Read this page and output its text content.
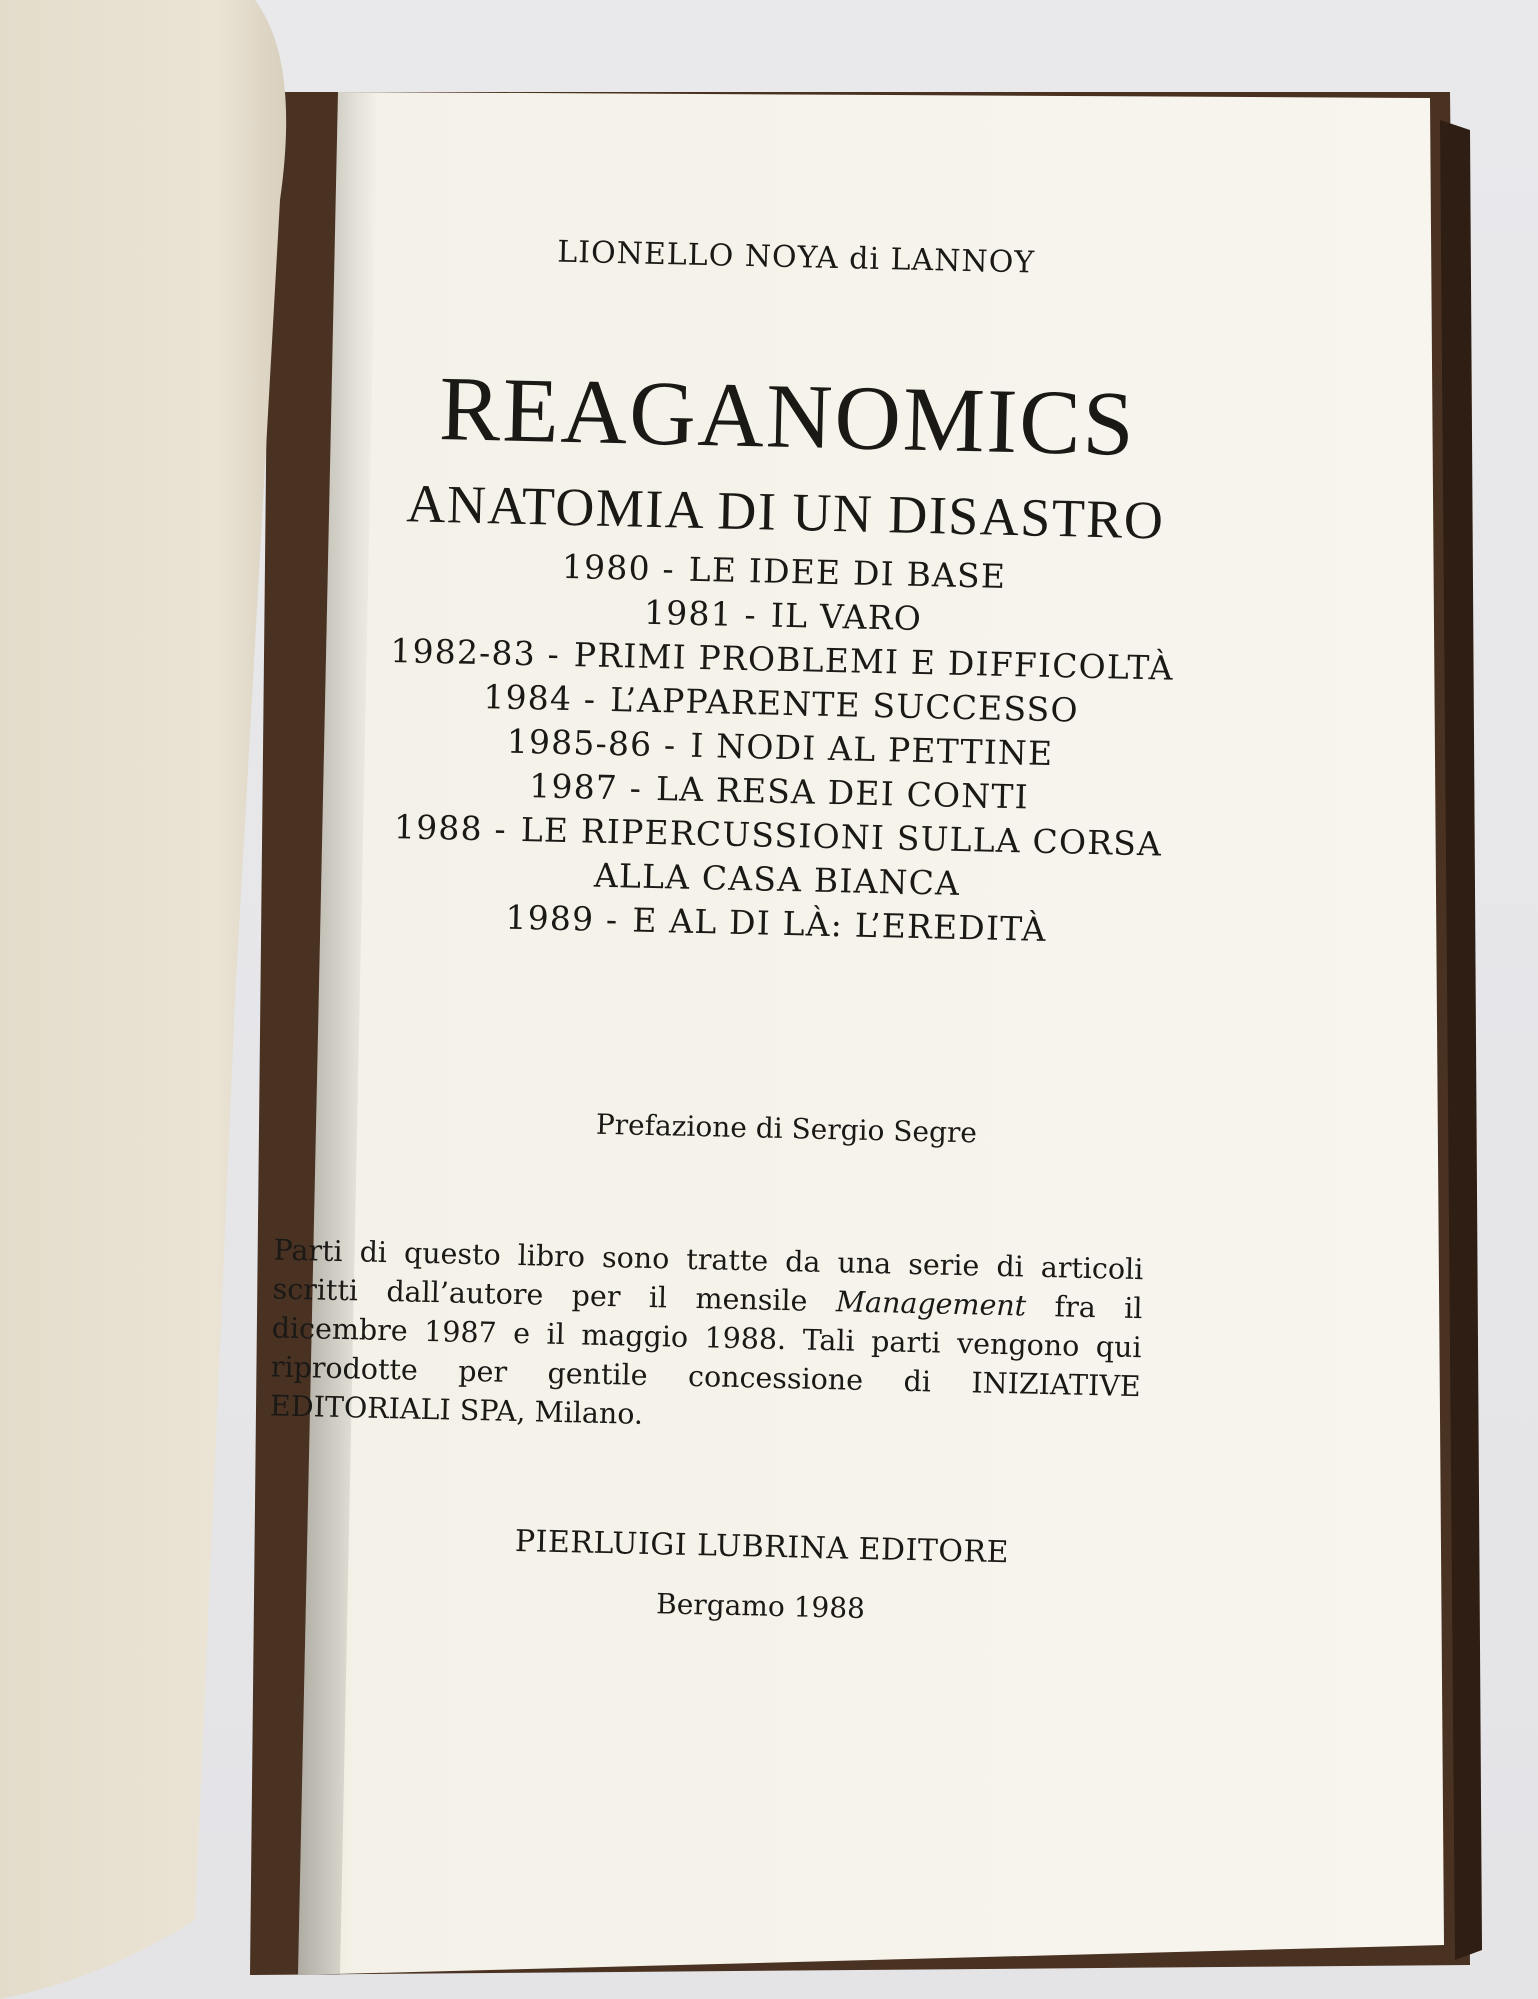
LIONELLO NOYA di LANNOY
REAGANOMICS
ANATOMIA DI UN DISASTRO
1980 - LE IDEE DI BASE
1981 - IL VARO
1982-83 - PRIMI PROBLEMI E DIFFICOLTÀ
1984 - L’APPARENTE SUCCESSO
1985-86 - I NODI AL PETTINE
1987 - LA RESA DEI CONTI
1988 - LE RIPERCUSSIONI SULLA CORSA
ALLA CASA BIANCA
1989 - E AL DI LÀ: L’EREDITÀ
Prefazione di Sergio Segre
Parti di questo libro sono tratte da una serie di articoli scritti dall’autore per il mensile Management fra il dicembre 1987 e il maggio 1988. Tali parti vengono qui riprodotte per gentile concessione di INIZIATIVE EDITORIALI SPA, Milano.
PIERLUIGI LUBRINA EDITORE
Bergamo 1988
